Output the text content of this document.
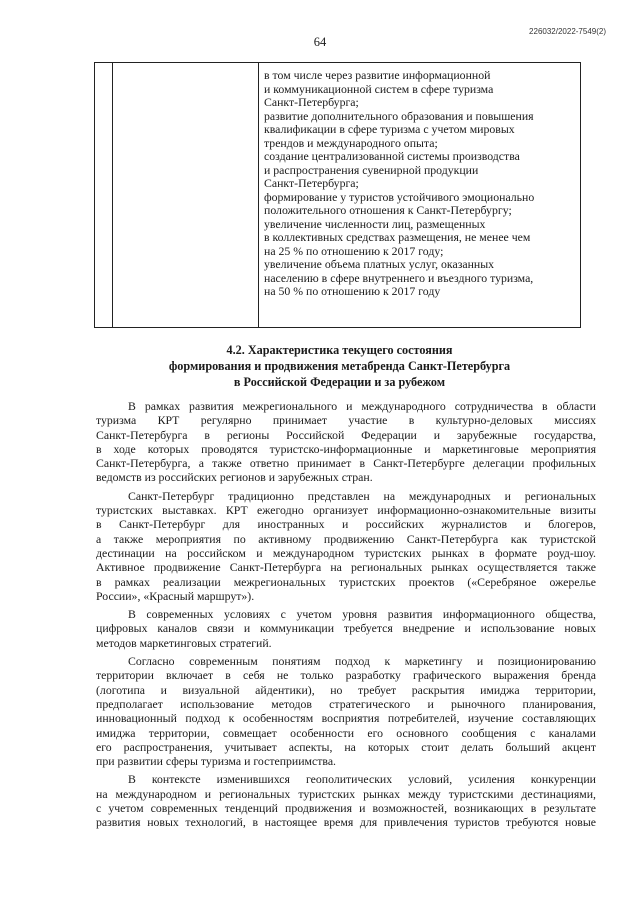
226032/2022-7549(2)
64

в том числе через развитие информационной
и коммуникационной систем в сфере туризма
Санкт-Петербурга;
развитие дополнительного образования и повышения
квалификации в сфере туризма с учетом мировых
трендов и международного опыта;
создание централизованной системы производства
и распространения сувенирной продукции
Санкт-Петербурга;
формирование у туристов устойчивого эмоционально
положительного отношения к Санкт-Петербургу;
увеличение численности лиц, размещенных
в коллективных средствах размещения, не менее чем
на 25 % по отношению к 2017 году;
увеличение объема платных услуг, оказанных
населению в сфере внутреннего и въездного туризма,
на 50 % по отношению к 2017 году
4.2. Характеристика текущего состояния
формирования и продвижения метабренда Санкт-Петербурга
в Российской Федерации и за рубежом

В рамках развития межрегионального и международного сотрудничества в области
туризма КРТ регулярно принимает участие в культурно-деловых миссиях
Санкт-Петербурга в регионы Российской Федерации и зарубежные государства,
в ходе которых проводятся туристско-информационные и маркетинговые мероприятия
Санкт-Петербурга, а также ответно принимает в Санкт-Петербурге делегации профильных
ведомств из российских регионов и зарубежных стран.

Санкт-Петербург традиционно представлен на международных и региональных
туристских выставках. КРТ ежегодно организует информационно-ознакомительные визиты
в Санкт-Петербург для иностранных и российских журналистов и блогеров,
а также мероприятия по активному продвижению Санкт-Петербурга как туристской
дестинации на российском и международном туристских рынках в формате роуд-шоу.
Активное продвижение Санкт-Петербурга на региональных рынках осуществляется также
в рамках реализации межрегиональных туристских проектов («Серебряное ожерелье
России», «Красный маршрут»).

В современных условиях с учетом уровня развития информационного общества,
цифровых каналов связи и коммуникации требуется внедрение и использование новых
методов маркетинговых стратегий.

Согласно современным понятиям подход к маркетингу и позиционированию
территории включает в себя не только разработку графического выражения бренда
(логотипа и визуальной айдентики), но требует раскрытия имиджа территории,
предполагает использование методов стратегического и рыночного планирования,
инновационный подход к особенностям восприятия потребителей, изучение составляющих
имиджа территории, совмещает особенности его основного сообщения с каналами
его распространения, учитывает аспекты, на которых стоит делать больший акцент
при развитии сферы туризма и гостеприимства.

В контексте изменившихся геополитических условий, усиления конкуренции
на международном и региональных туристских рынках между туристскими дестинациями,
с учетом современных тенденций продвижения и возможностей, возникающих в результате
развития новых технологий, в настоящее время для привлечения туристов требуются новые
